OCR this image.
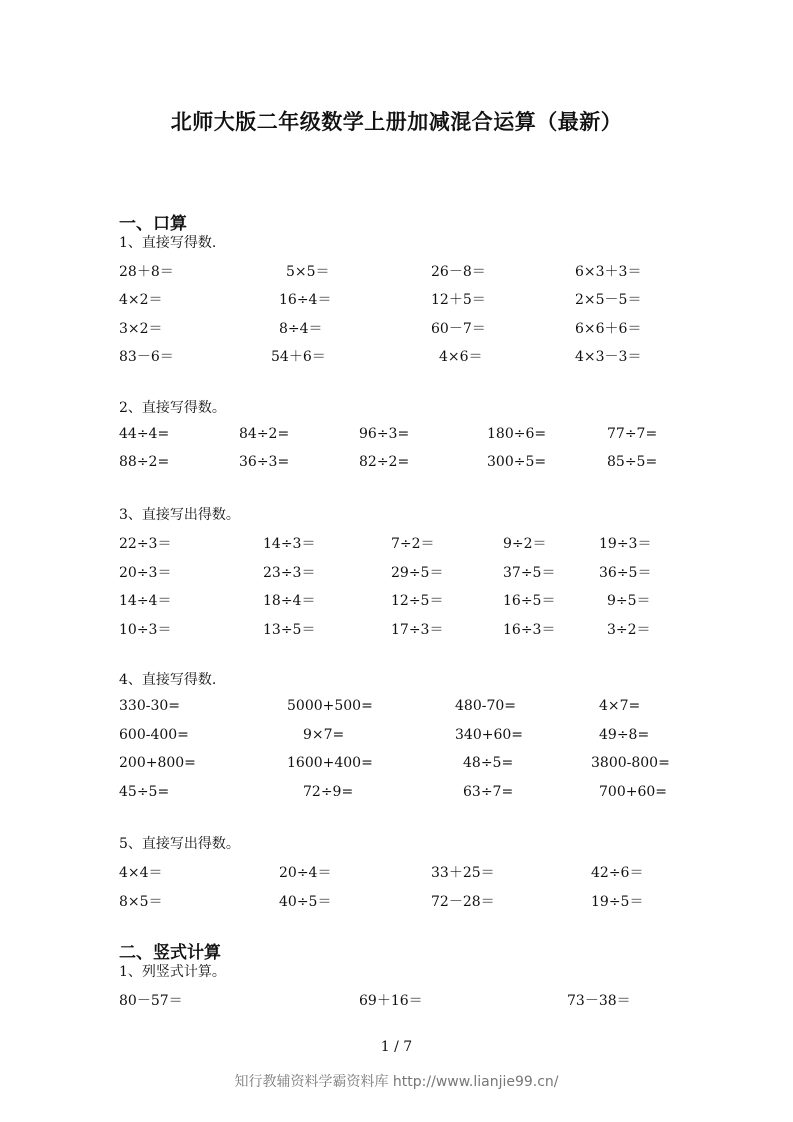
北师大版二年级数学上册加减混合运算（最新）
一、口算
1、直接写得数.
28＋8＝	5×5＝	26－8＝	6×3＋3＝
4×2＝	16÷4＝	12＋5＝	2×5－5＝
3×2＝	8÷4＝	60－7＝	6×6＋6＝
83－6＝	54＋6＝	4×6＝	4×3－3＝
2、直接写得数。
44÷4=	84÷2=	96÷3=	180÷6=	77÷7=
88÷2=	36÷3=	82÷2=	300÷5=	85÷5=
3、直接写出得数。
22÷3＝	14÷3＝	7÷2＝	9÷2＝	19÷3＝
20÷3＝	23÷3＝	29÷5＝	37÷5＝	36÷5＝
14÷4＝	18÷4＝	12÷5＝	16÷5＝	9÷5＝
10÷3＝	13÷5＝	17÷3＝	16÷3＝	3÷2＝
4、直接写得数.
330-30=	5000+500=	480-70=	4×7=
600-400=	9×7=	340+60=	49÷8=
200+800=	1600+400=	48÷5=	3800-800=
45÷5=	72÷9=	63÷7=	700+60=
5、直接写出得数。
4×4＝	20÷4＝	33＋25＝	42÷6＝
8×5＝	40÷5＝	72－28＝	19÷5＝
二、竖式计算
1、列竖式计算。
80－57＝	69＋16＝	73－38＝
1 / 7
知行教辅资料学霸资料库 http://www.lianjie99.cn/
